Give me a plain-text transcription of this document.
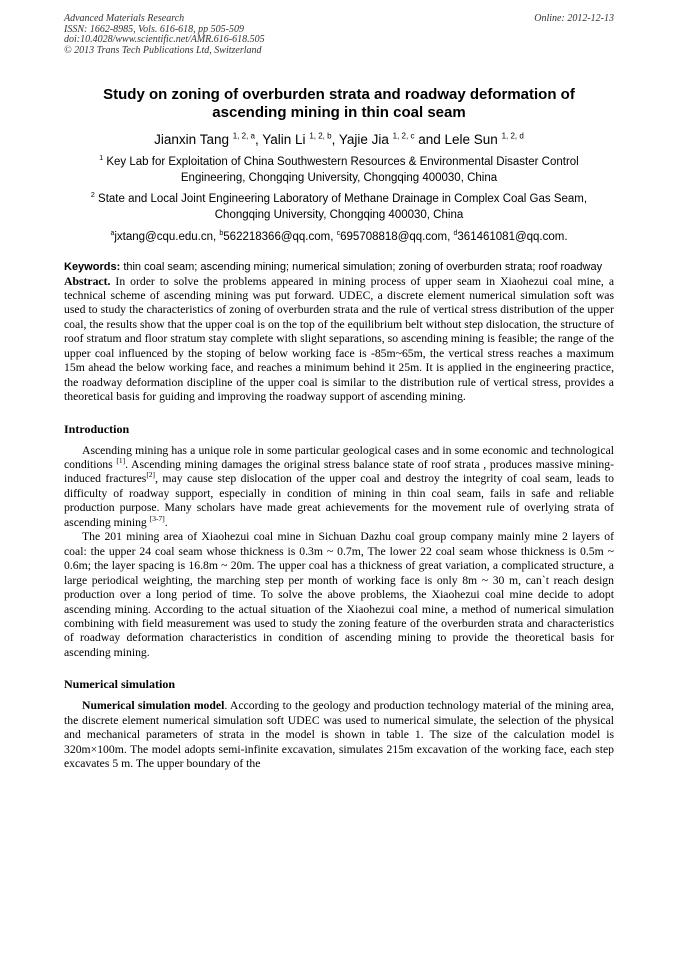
Advanced Materials Research
ISSN: 1662-8985, Vols. 616-618, pp 505-509
doi:10.4028/www.scientific.net/AMR.616-618.505
© 2013 Trans Tech Publications Ltd, Switzerland
Online: 2012-12-13
Study on zoning of overburden strata and roadway deformation of
ascending mining in thin coal seam
Jianxin Tang $^{1, 2, a}$, Yalin Li $^{1, 2, b}$, Yajie Jia $^{1, 2, c}$ and Lele Sun $^{1, 2, d}$
$^1$ Key Lab for Exploitation of China Southwestern Resources & Environmental Disaster Control
Engineering, Chongqing University, Chongqing 400030, China
$^2$ State and Local Joint Engineering Laboratory of Methane Drainage in Complex Coal Gas Seam,
Chongqing University, Chongqing 400030, China
$^a$jxtang@cqu.edu.cn, $^b$562218366@qq.com, $^c$695708818@qq.com, $^d$361461081@qq.com.
Keywords: thin coal seam; ascending mining; numerical simulation; zoning of overburden strata; roof roadway

Abstract. In order to solve the problems appeared in mining process of upper seam in Xiaohezui coal mine, a technical scheme of ascending mining was put forward. UDEC, a discrete element numerical simulation soft was used to study the characteristics of zoning of overburden strata and the rule of vertical stress distribution of the upper coal, the results show that the upper coal is on the top of the equilibrium belt without step dislocation, the structure of roof stratum and floor stratum stay complete with slight separations, so ascending mining is feasible; the range of the upper coal influenced by the stoping of below working face is -85m~65m, the vertical stress reaches a maximum 15m ahead the below working face, and reaches a minimum behind it 25m. It is applied in the engineering practice, the roadway deformation discipline of the upper coal is similar to the distribution rule of vertical stress, provides a theoretical basis for guiding and improving the roadway support of ascending mining.

Introduction

Ascending mining has a unique role in some particular geological cases and in some economic and technological conditions [1]. Ascending mining damages the original stress balance state of roof strata , produces massive mining-induced fractures[2], may cause step dislocation of the upper coal and destroy the integrity of coal seam, leads to difficulty of roadway support, especially in condition of mining in thin coal seam, fails in safe and reliable production purpose. Many scholars have made great achievements for the movement rule of overlying strata of ascending mining [3-7].

The 201 mining area of Xiaohezui coal mine in Sichuan Dazhu coal group company mainly mine 2 layers of coal: the upper 24 coal seam whose thickness is 0.3m ~ 0.7m, The lower 22 coal seam whose thickness is 0.5m ~ 0.6m; the layer spacing is 16.8m ~ 20m. The upper coal has a thickness of great variation, a complicated structure, a large periodical weighting, the marching step per month of working face is only 8m ~ 30 m, can`t reach design production over a long period of time. To solve the above problems, the Xiaohezui coal mine decide to adopt ascending mining. According to the actual situation of the Xiaohezui coal mine, a method of numerical simulation combining with field measurement was used to study the zoning feature of the overburden strata and characteristics of roadway deformation characteristics in condition of ascending mining to provide the theoretical basis for ascending mining.

Numerical simulation

Numerical simulation model. According to the geology and production technology material of the mining area, the discrete element numerical simulation soft UDEC was used to numerical simulate, the selection of the physical and mechanical parameters of strata in the model is shown in table 1. The size of the calculation model is 320m×100m. The model adopts semi-infinite excavation, simulates 215m excavation of the working face, each step excavates 5 m. The upper boundary of the
